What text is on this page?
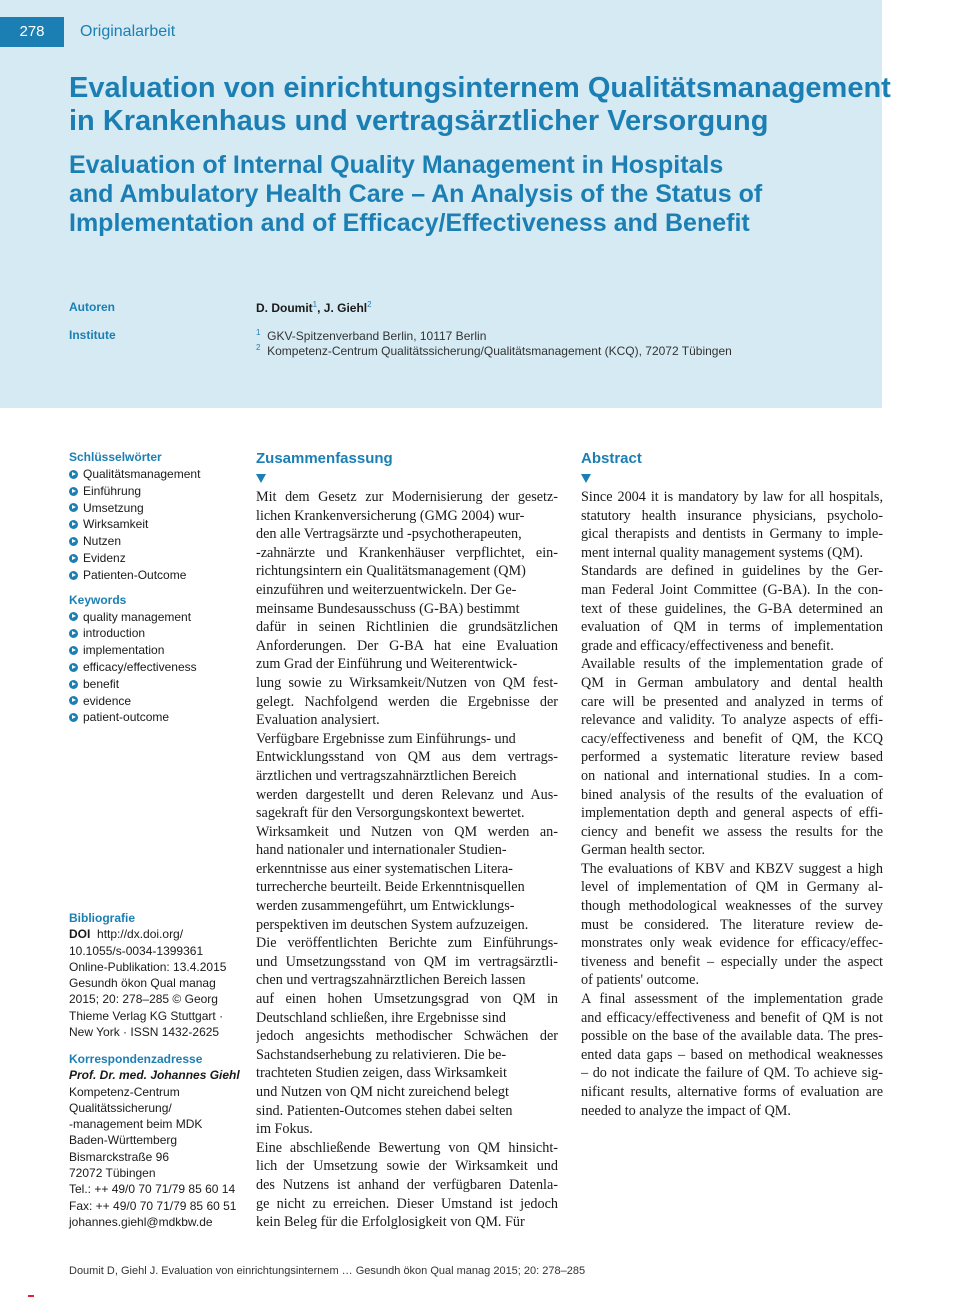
278	Originalarbeit
Evaluation von einrichtungsinternem Qualitätsmanagement
in Krankenhaus und vertragsärztlicher Versorgung
Evaluation of Internal Quality Management in Hospitals
and Ambulatory Health Care – An Analysis of the Status of
Implementation and of Efficacy/Effectiveness and Benefit
Autoren	D. Doumit$^1$, J. Giehl$^2$
Institute	$^1$ GKV-Spitzenverband Berlin, 10117 Berlin
$^2$ Kompetenz-Centrum Qualitätssicherung/Qualitätsmanagement (KCQ), 72072 Tübingen

Schlüsselwörter

Qualitätsmanagement
Einführung
Umsetzung
Wirksamkeit
Nutzen
Evidenz
Patienten-Outcome

Keywords

quality management
introduction
implementation
efficacy/effectiveness
benefit
evidence
patient-outcome
Bibliografie
DOI http://dx.doi.org/
10.1055/s-0034-1399361
Online-Publikation: 13.4.2015
Gesundh ökon Qual manag
2015; 20: 278–285 © Georg
Thieme Verlag KG Stuttgart ·
New York · ISSN 1432-2625
Korrespondenzadresse
Prof. Dr. med. Johannes Giehl
Kompetenz-Centrum
Qualitätssicherung/
-management beim MDK
Baden-Württemberg
Bismarckstraße 96
72072 Tübingen
Tel.: ++ 49/0 70 71/79 85 60 14
Fax: ++ 49/0 70 71/79 85 60 51
johannes.giehl@mdkbw.de
Zusammenfassung
Mit dem Gesetz zur Modernisierung der gesetz-
lichen Krankenversicherung (GMG 2004) wur-
den alle Vertragsärzte und -psychotherapeuten,
-zahnärzte und Krankenhäuser verpflichtet, ein-
richtungsintern ein Qualitätsmanagement (QM)
einzuführen und weiterzuentwickeln. Der Ge-
meinsame Bundesausschuss (G-BA) bestimmt
dafür in seinen Richtlinien die grundsätzlichen
Anforderungen. Der G-BA hat eine Evaluation
zum Grad der Einführung und Weiterentwick-
lung sowie zu Wirksamkeit/Nutzen von QM fest-
gelegt. Nachfolgend werden die Ergebnisse der
Evaluation analysiert.
Verfügbare Ergebnisse zum Einführungs- und
Entwicklungsstand von QM aus dem vertrags-
ärztlichen und vertragszahnärztlichen Bereich
werden dargestellt und deren Relevanz und Aus-
sagekraft für den Versorgungskontext bewertet.
Wirksamkeit und Nutzen von QM werden an-
hand nationaler und internationaler Studien-
erkenntnisse aus einer systematischen Litera-
turrecherche beurteilt. Beide Erkenntnisquellen
werden zusammengeführt, um Entwicklungs-
perspektiven im deutschen System aufzuzeigen.
Die veröffentlichten Berichte zum Einführungs-
und Umsetzungsstand von QM im vertragsärztli-
chen und vertragszahnärztlichen Bereich lassen
auf einen hohen Umsetzungsgrad von QM in
Deutschland schließen, ihre Ergebnisse sind
jedoch angesichts methodischer Schwächen der
Sachstandserhebung zu relativieren. Die be-
trachteten Studien zeigen, dass Wirksamkeit
und Nutzen von QM nicht zureichend belegt
sind. Patienten-Outcomes stehen dabei selten
im Fokus.
Eine abschließende Bewertung von QM hinsicht-
lich der Umsetzung sowie der Wirksamkeit und
des Nutzens ist anhand der verfügbaren Datenla-
ge nicht zu erreichen. Dieser Umstand ist jedoch
kein Beleg für die Erfolglosigkeit von QM. Für
Abstract
Since 2004 it is mandatory by law for all hospitals,
statutory health insurance physicians, psycholo-
gical therapists and dentists in Germany to imple-
ment internal quality management systems (QM).
Standards are defined in guidelines by the Ger-
man Federal Joint Committee (G-BA). In the con-
text of these guidelines, the G-BA determined an
evaluation of QM in terms of implementation
grade and efficacy/effectiveness and benefit.
Available results of the implementation grade of
QM in German ambulatory and dental health
care will be presented and analyzed in terms of
relevance and validity. To analyze aspects of effi-
cacy/effectiveness and benefit of QM, the KCQ
performed a systematic literature review based
on national and international studies. In a com-
bined analysis of the results of the evaluation of
implementation depth and general aspects of effi-
ciency and benefit we assess the results for the
German health sector.
The evaluations of KBV and KBZV suggest a high
level of implementation of QM in Germany al-
though methodological weaknesses of the survey
must be considered. The literature review de-
monstrates only weak evidence for efficacy/effec-
tiveness and benefit – especially under the aspect
of patients' outcome.
A final assessment of the implementation grade
and efficacy/effectiveness and benefit of QM is not
possible on the base of the available data. The pres-
ented data gaps – based on methodical weaknesses
– do not indicate the failure of QM. To achieve sig-
nificant results, alternative forms of evaluation are
needed to analyze the impact of QM.
Doumit D, Giehl J. Evaluation von einrichtungsinternem … Gesundh ökon Qual manag 2015; 20: 278–285
